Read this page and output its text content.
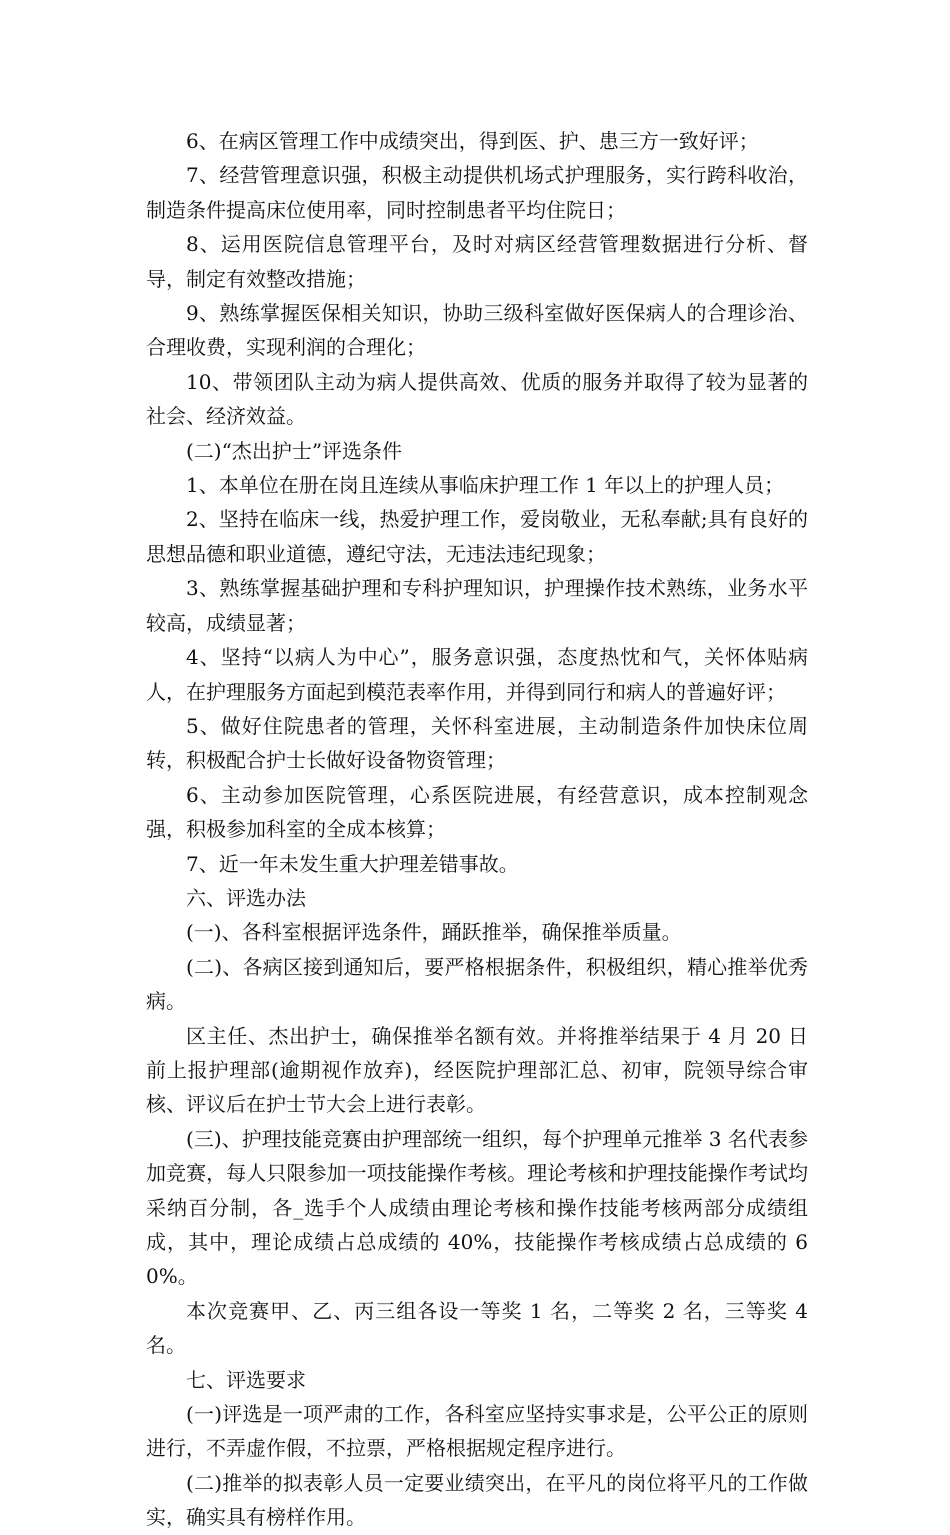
6、在病区管理工作中成绩突出，得到医、护、患三方一致好评；

7、经营管理意识强，积极主动提供机场式护理服务，实行跨科收治，制造条件提高床位使用率，同时控制患者平均住院日；

8、运用医院信息管理平台，及时对病区经营管理数据进行分析、督导，制定有效整改措施；

9、熟练掌握医保相关知识，协助三级科室做好医保病人的合理诊治、合理收费，实现利润的合理化；

10、带领团队主动为病人提供高效、优质的服务并取得了较为显著的社会、经济效益。

(二)“杰出护士”评选条件

1、本单位在册在岗且连续从事临床护理工作 1 年以上的护理人员；

2、坚持在临床一线，热爱护理工作，爱岗敬业，无私奉献;具有良好的思想品德和职业道德，遵纪守法，无违法违纪现象；

3、熟练掌握基础护理和专科护理知识，护理操作技术熟练，业务水平较高，成绩显著；

4、坚持“以病人为中心”，服务意识强，态度热忱和气，关怀体贴病人，在护理服务方面起到模范表率作用，并得到同行和病人的普遍好评；

5、做好住院患者的管理，关怀科室进展，主动制造条件加快床位周转，积极配合护士长做好设备物资管理；

6、主动参加医院管理，心系医院进展，有经营意识，成本控制观念强，积极参加科室的全成本核算；

7、近一年未发生重大护理差错事故。

六、评选办法

(一)、各科室根据评选条件，踊跃推举，确保推举质量。

(二)、各病区接到通知后，要严格根据条件，积极组织，精心推举优秀病。

区主任、杰出护士，确保推举名额有效。并将推举结果于 4 月 20 日前上报护理部(逾期视作放弃)，经医院护理部汇总、初审，院领导综合审核、评议后在护士节大会上进行表彰。

(三)、护理技能竞赛由护理部统一组织，每个护理单元推举 3 名代表参加竞赛，每人只限参加一项技能操作考核。理论考核和护理技能操作考试均采纳百分制，各_选手个人成绩由理论考核和操作技能考核两部分成绩组成，其中，理论成绩占总成绩的 40%，技能操作考核成绩占总成绩的 60%。

本次竞赛甲、乙、丙三组各设一等奖 1 名，二等奖 2 名，三等奖 4 名。

七、评选要求

(一)评选是一项严肃的工作，各科室应坚持实事求是，公平公正的原则进行，不弄虚作假，不拉票，严格根据规定程序进行。

(二)推举的拟表彰人员一定要业绩突出，在平凡的岗位将平凡的工作做实，确实具有榜样作用。
